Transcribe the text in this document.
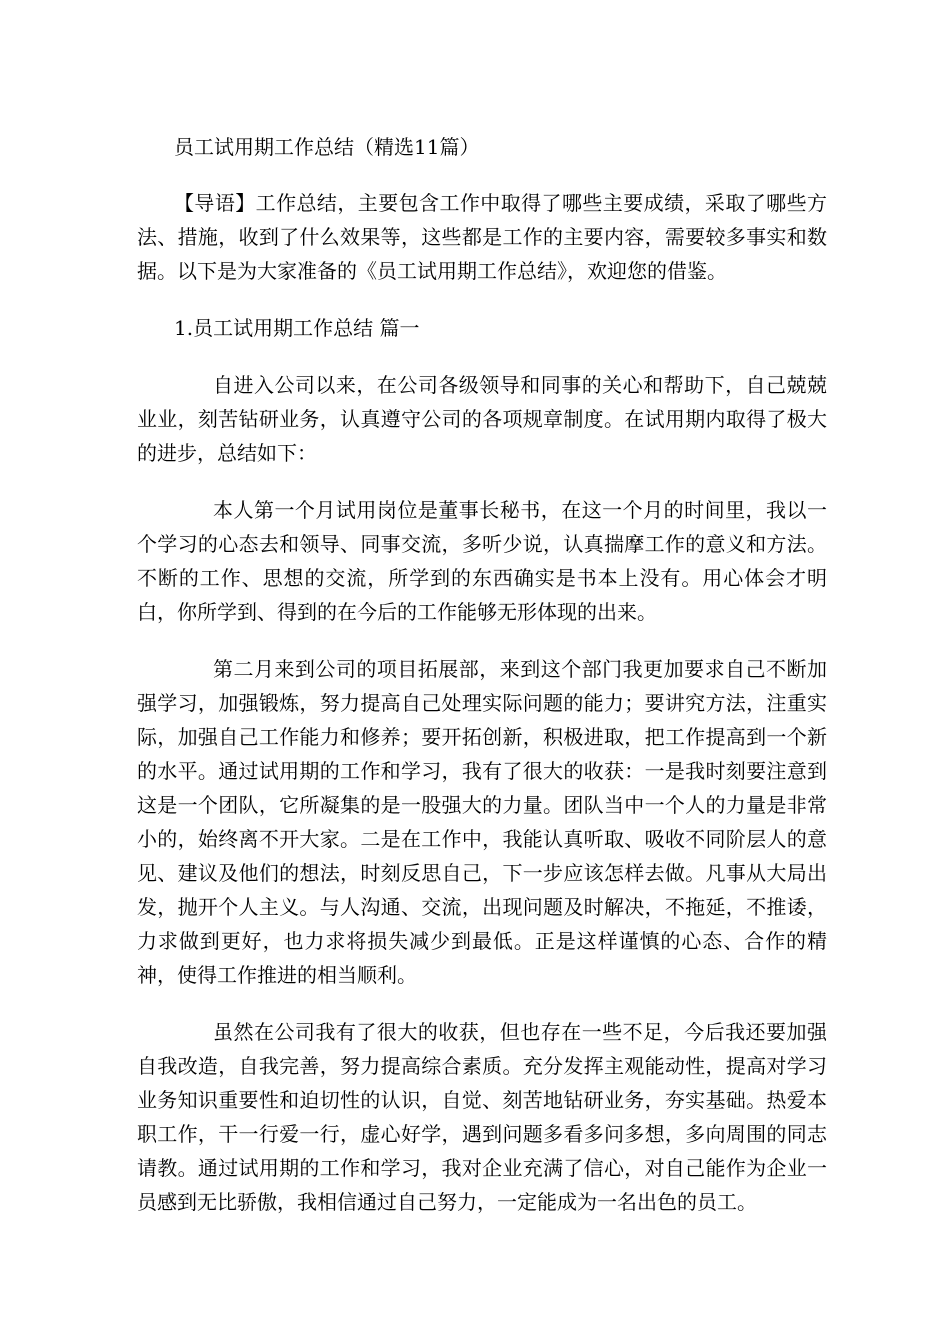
员工试用期工作总结（精选11篇）

【导语】工作总结，主要包含工作中取得了哪些主要成绩，采取了哪些方法、措施，收到了什么效果等，这些都是工作的主要内容，需要较多事实和数据。以下是为大家准备的《员工试用期工作总结》，欢迎您的借鉴。

1.员工试用期工作总结 篇一

自进入公司以来，在公司各级领导和同事的关心和帮助下，自己兢兢业业，刻苦钻研业务，认真遵守公司的各项规章制度。在试用期内取得了极大的进步，总结如下：

本人第一个月试用岗位是董事长秘书，在这一个月的时间里，我以一个学习的心态去和领导、同事交流，多听少说，认真揣摩工作的意义和方法。不断的工作、思想的交流，所学到的东西确实是书本上没有。用心体会才明白，你所学到、得到的在今后的工作能够无形体现的出来。

第二月来到公司的项目拓展部，来到这个部门我更加要求自己不断加强学习，加强锻炼，努力提高自己处理实际问题的能力；要讲究方法，注重实际，加强自己工作能力和修养；要开拓创新，积极进取，把工作提高到一个新的水平。通过试用期的工作和学习，我有了很大的收获：一是我时刻要注意到这是一个团队，它所凝集的是一股强大的力量。团队当中一个人的力量是非常小的，始终离不开大家。二是在工作中，我能认真听取、吸收不同阶层人的意见、建议及他们的想法，时刻反思自己，下一步应该怎样去做。凡事从大局出发，抛开个人主义。与人沟通、交流，出现问题及时解决，不拖延，不推诿，力求做到更好，也力求将损失减少到最低。正是这样谨慎的心态、合作的精神，使得工作推进的相当顺利。

虽然在公司我有了很大的收获，但也存在一些不足，今后我还要加强自我改造，自我完善，努力提高综合素质。充分发挥主观能动性，提高对学习业务知识重要性和迫切性的认识，自觉、刻苦地钻研业务，夯实基础。热爱本职工作，干一行爱一行，虚心好学，遇到问题多看多问多想，多向周围的同志请教。通过试用期的工作和学习，我对企业充满了信心，对自己能作为企业一员感到无比骄傲，我相信通过自己努力，一定能成为一名出色的员工。
